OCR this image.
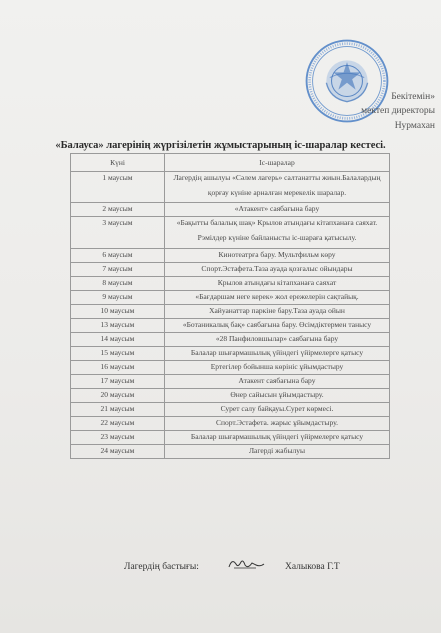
Бекітемін»
мектеп директоры
Нурмахан
«Балауса» лагерінің жүргізілетін жұмыстарының іс-шаралар кестесі.
Күні	Іс-шаралар
1 маусым	Лагердің ашылуы «Сәлем лагерь» салтанатты жиын.Балалардың
қорғау күніне арналған мерекелік шаралар.

2 маусым	«Атакент» саябағына бару

3 маусым	«Бақытты балалық шақ» Крылов атындағы кітапханаға саяхат.
Рэмілдер күніне байланысты іс-шараға қатысылу.

6 маусым	Кинотеатрға бару. Мультфильм көру

7 маусым	Спорт.Эстафета.Таза ауада қозғалыс ойындары

8 маусым	Крылов атындағы кітапханаға саяхат

9 маусым	«Бағдаршам неге керек» жол ережелерін сақтайық.

10 маусым	Хайуанаттар паркіне бару.Таза ауада ойын

13 маусым	«Ботаникалық бақ» саябағына бару. Өсімдіктермен танысу

14 маусым	«28 Панфиловшылар» саябағына бару

15 маусым	Балалар шығармашылық үйіндегі үйірмелерге қатысу

16 маусым	Ертегілер бойынша көрініс ұйымдастыру

17 маусым	Атакент саябағына бару

20 маусым	Өнер сайысын ұйымдастыру.

21 маусым	Сурет салу байқауы.Сурет көрмесі.

22 маусым	Спорт.Эстафета. жарыс ұйымдастыру.

23 маусым	Балалар шығармашылық үйіндегі үйірмелерге қатысу

24 маусым	Лагерді жабылуы
Лагердің бастығы:	Халыкова Г.Т
